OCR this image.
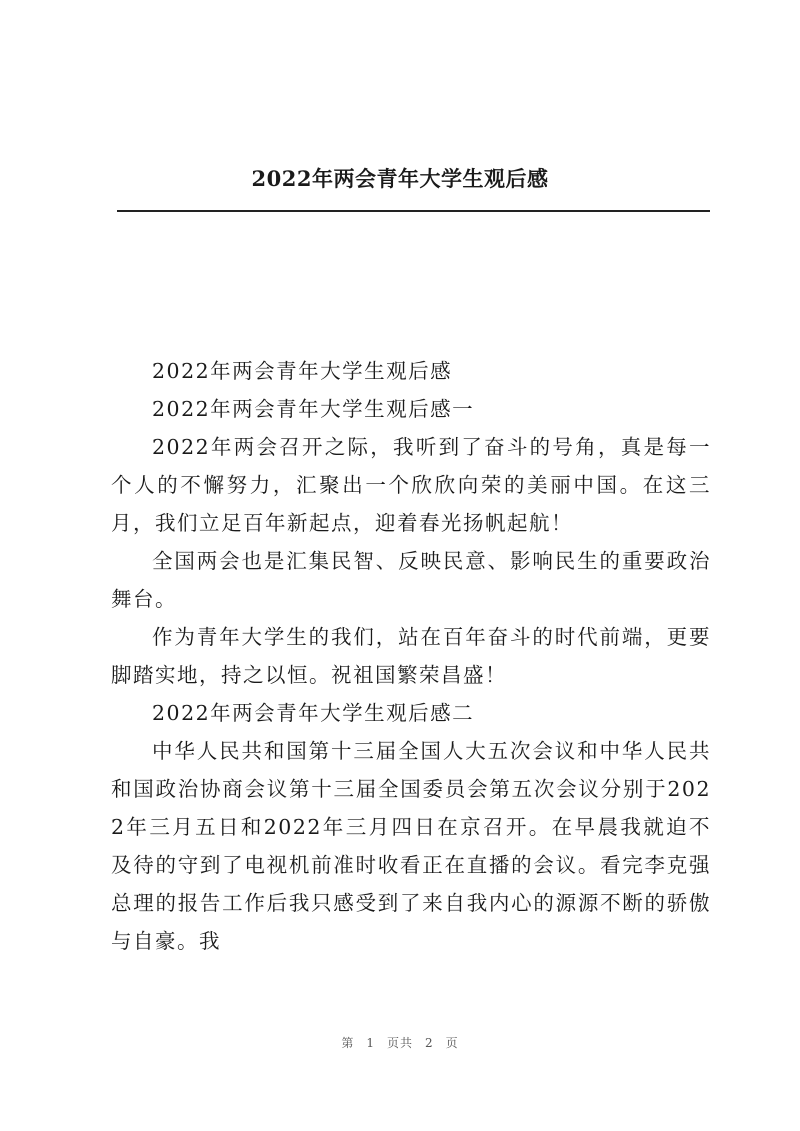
2022年两会青年大学生观后感

2022年两会青年大学生观后感

2022年两会青年大学生观后感一

2022年两会召开之际，我听到了奋斗的号角，真是每一个人的不懈努力，汇聚出一个欣欣向荣的美丽中国。在这三月，我们立足百年新起点，迎着春光扬帆起航！

全国两会也是汇集民智、反映民意、影响民生的重要政治舞台。

作为青年大学生的我们，站在百年奋斗的时代前端，更要脚踏实地，持之以恒。祝祖国繁荣昌盛！

2022年两会青年大学生观后感二

中华人民共和国第十三届全国人大五次会议和中华人民共和国政治协商会议第十三届全国委员会第五次会议分别于2022年三月五日和2022年三月四日在京召开。在早晨我就迫不及待的守到了电视机前准时收看正在直播的会议。看完李克强总理的报告工作后我只感受到了来自我内心的源源不断的骄傲与自豪。我

第 1 页共 2 页
